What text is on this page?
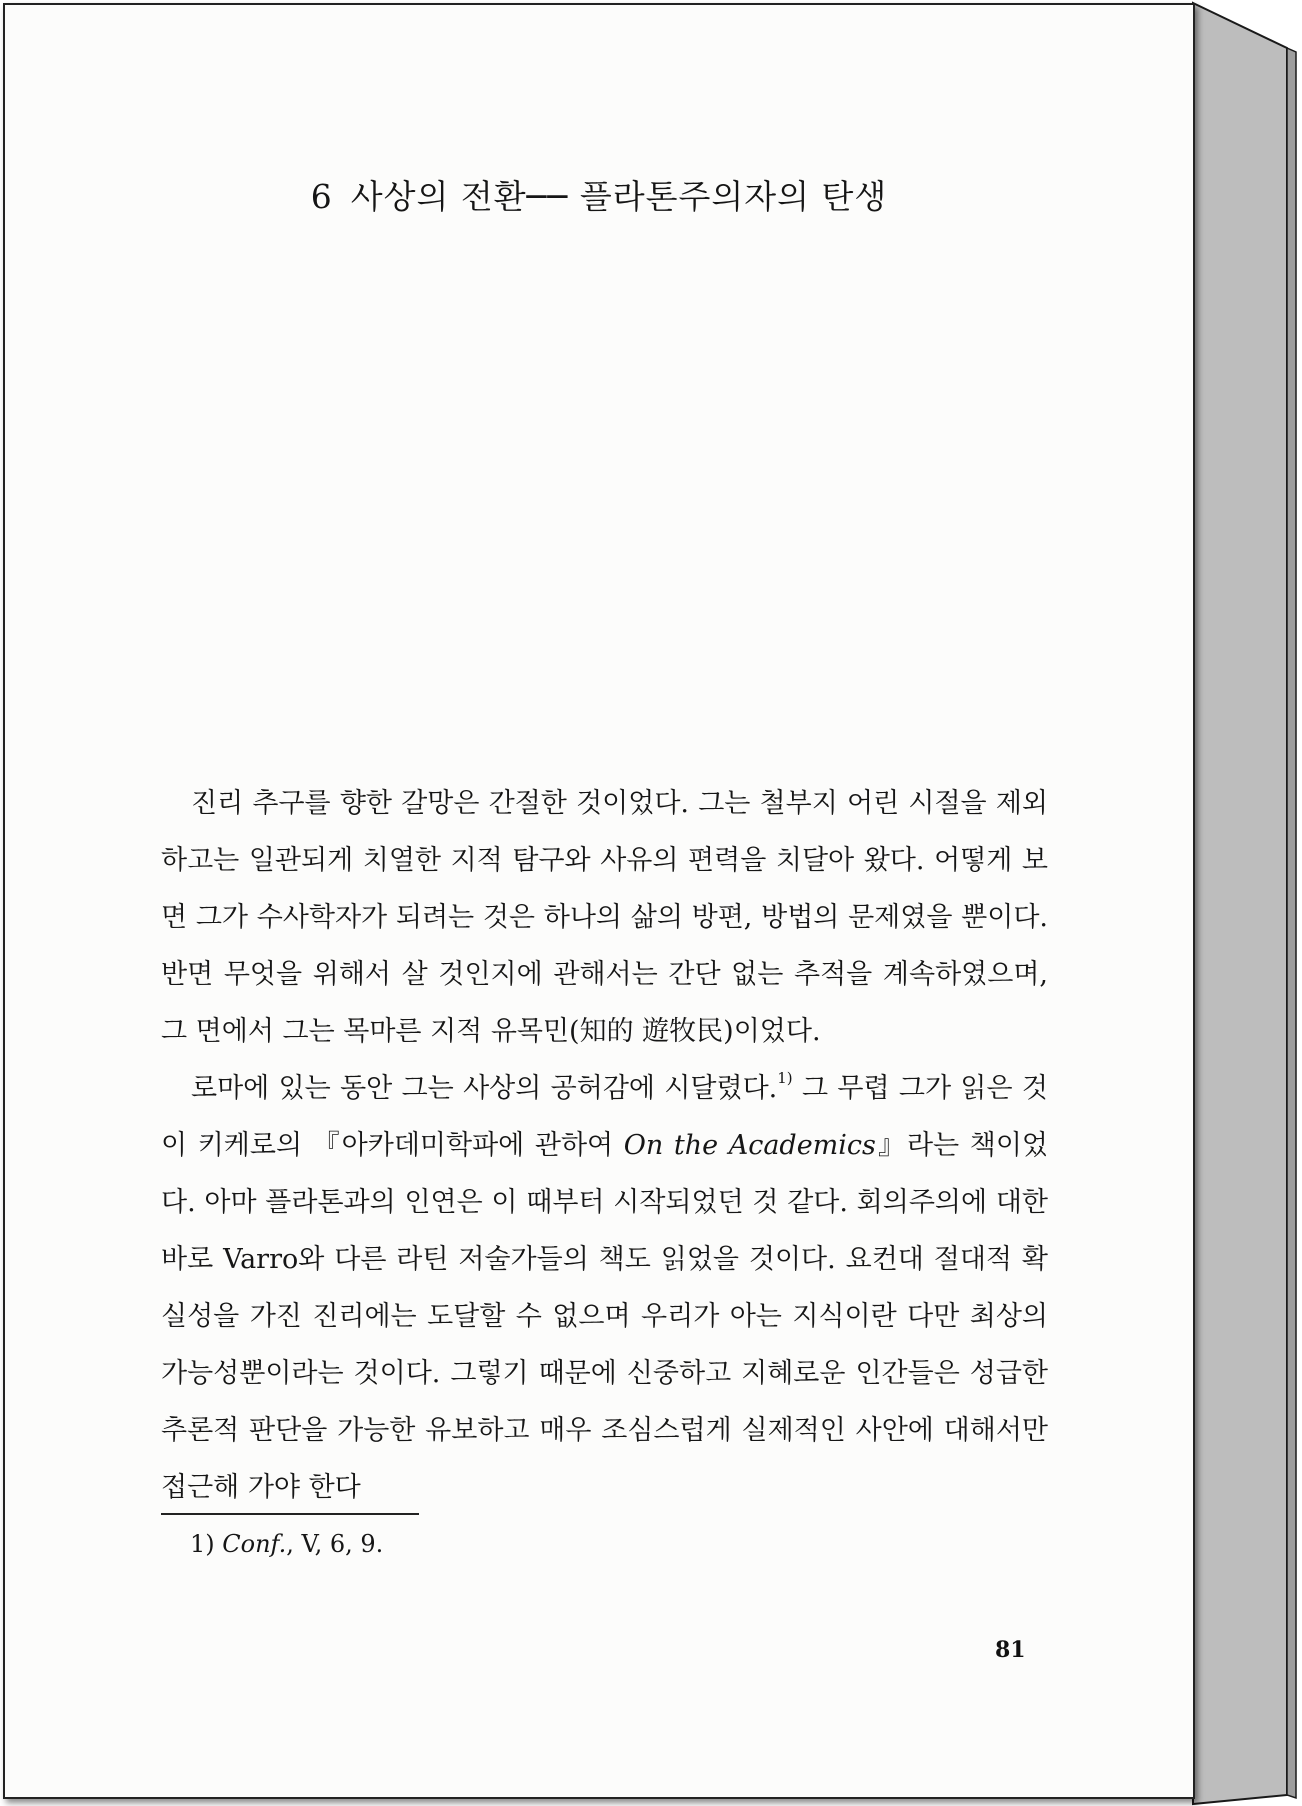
6 사상의 전환── 플라톤주의자의 탄생

진리 추구를 향한 갈망은 간절한 것이었다. 그는 철부지 어린 시절을 제외하고는 일관되게 치열한 지적 탐구와 사유의 편력을 치달아 왔다. 어떻게 보면 그가 수사학자가 되려는 것은 하나의 삶의 방편, 방법의 문제였을 뿐이다. 반면 무엇을 위해서 살 것인지에 관해서는 간단 없는 추적을 계속하였으며, 그 면에서 그는 목마른 지적 유목민(知的 遊牧民)이었다.

로마에 있는 동안 그는 사상의 공허감에 시달렸다.$^{1)}$ 그 무렵 그가 읽은 것이 키케로의 『아카데미학파에 관하여 On the Academics』라는 책이었다. 아마 플라톤과의 인연은 이 때부터 시작되었던 것 같다. 회의주의에 대한 바로 Varro와 다른 라틴 저술가들의 책도 읽었을 것이다. 요컨대 절대적 확실성을 가진 진리에는 도달할 수 없으며 우리가 아는 지식이란 다만 최상의 가능성뿐이라는 것이다. 그렇기 때문에 신중하고 지혜로운 인간들은 성급한 추론적 판단을 가능한 유보하고 매우 조심스럽게 실제적인 사안에 대해서만 접근해 가야 한다

1) Conf., V, 6, 9.
81
